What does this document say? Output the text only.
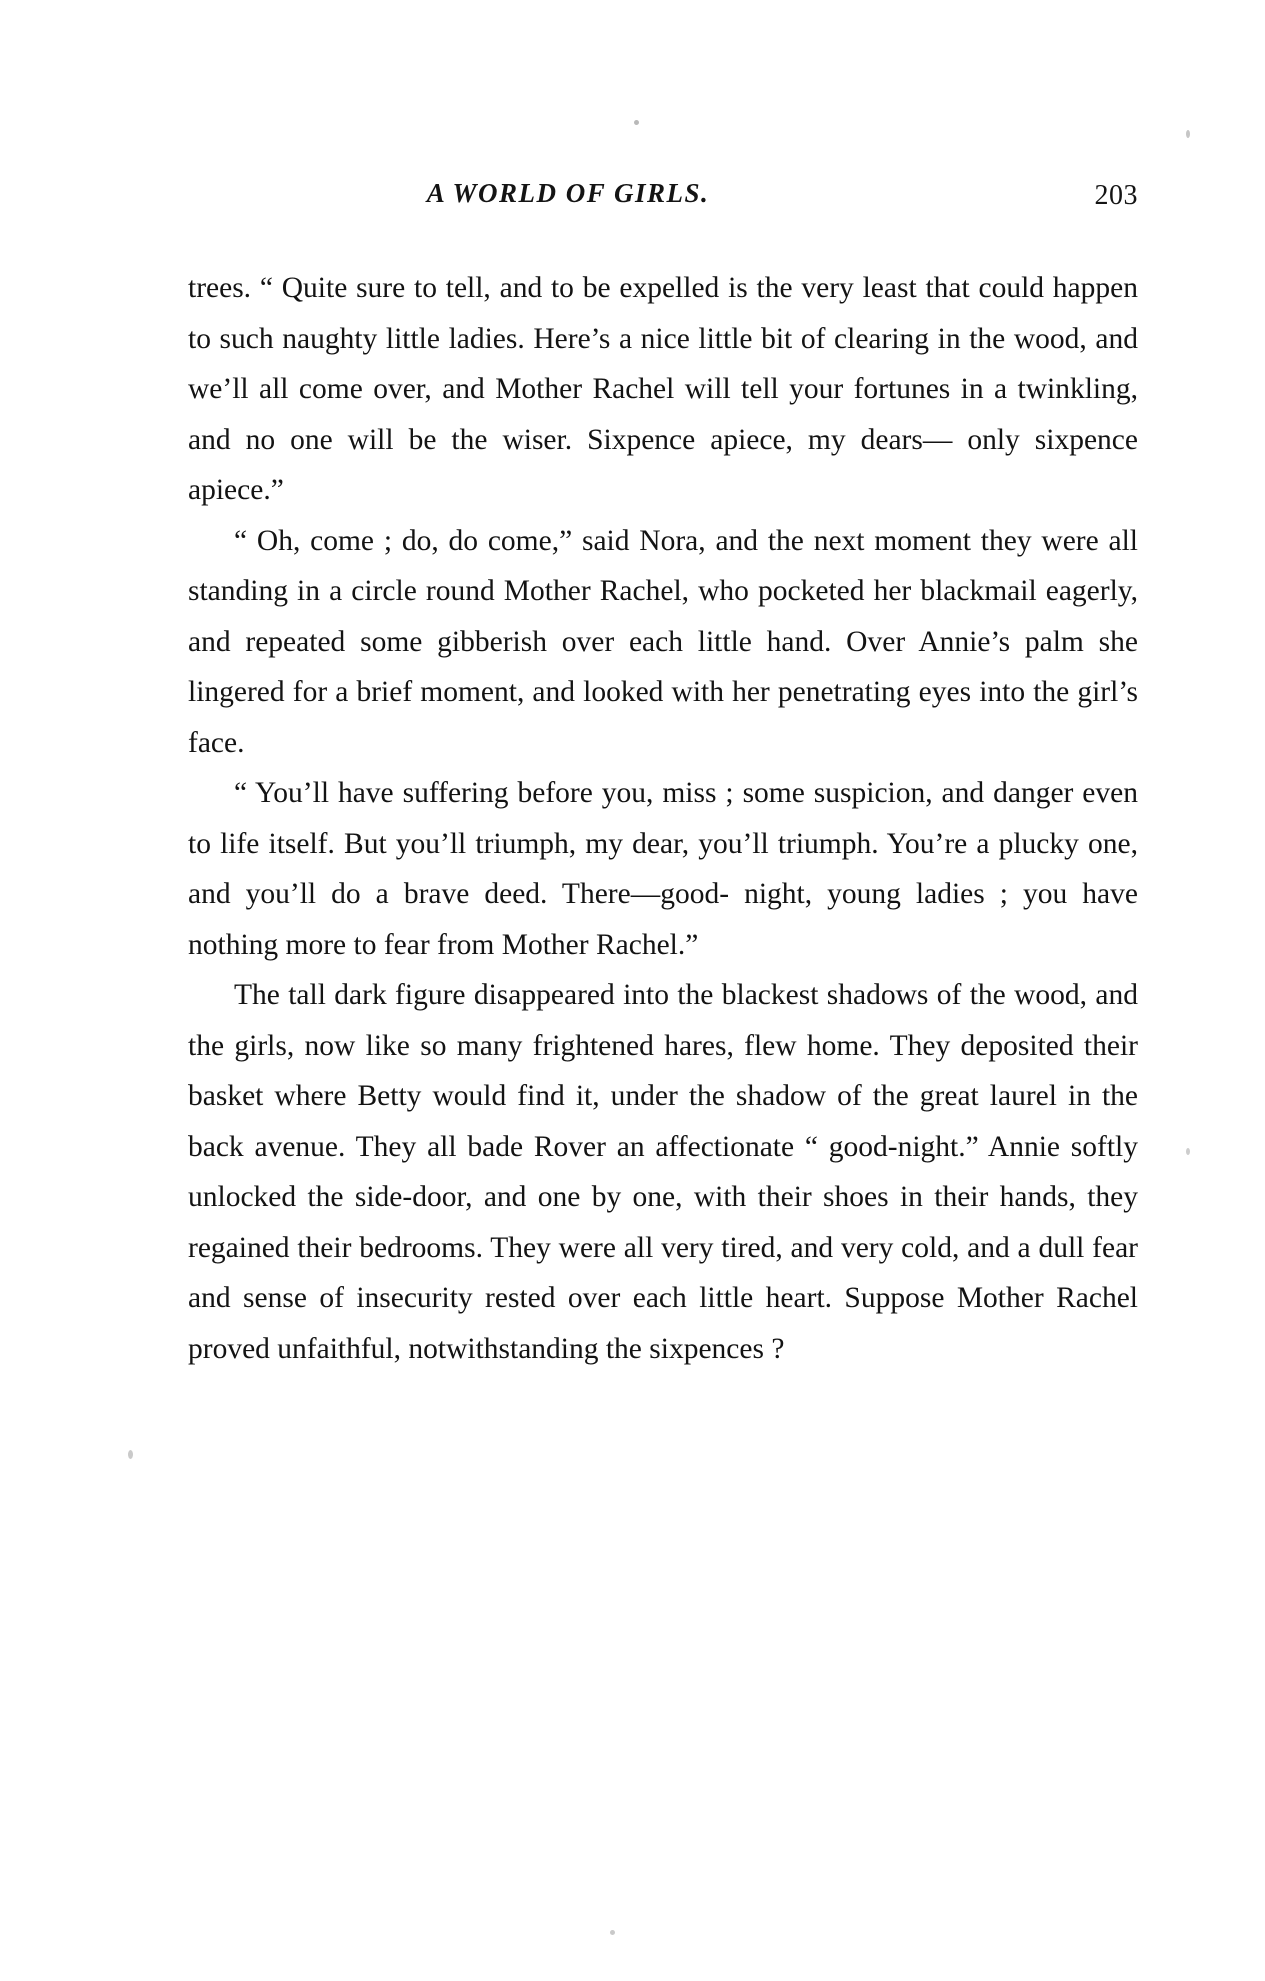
A WORLD OF GIRLS.	203

trees. “ Quite sure to tell, and to be expelled is the very least that could happen to such naughty little ladies. Here’s a nice little bit of clearing in the wood, and we’ll all come over, and Mother Rachel will tell your fortunes in a twinkling, and no one will be the wiser. Sixpence apiece, my dears— only sixpence apiece.”

“ Oh, come ; do, do come,” said Nora, and the next moment they were all standing in a circle round Mother Rachel, who pocketed her blackmail eagerly, and repeated some gibberish over each little hand. Over Annie’s palm she lingered for a brief moment, and looked with her penetrating eyes into the girl’s face.

“ You’ll have suffering before you, miss ; some suspicion, and danger even to life itself. But you’ll triumph, my dear, you’ll triumph. You’re a plucky one, and you’ll do a brave deed. There—good- night, young ladies ; you have nothing more to fear from Mother Rachel.”

The tall dark figure disappeared into the blackest shadows of the wood, and the girls, now like so many frightened hares, flew home. They deposited their basket where Betty would find it, under the shadow of the great laurel in the back avenue. They all bade Rover an affectionate “ good-night.” Annie softly unlocked the side-door, and one by one, with their shoes in their hands, they regained their bedrooms. They were all very tired, and very cold, and a dull fear and sense of insecurity rested over each little heart. Suppose Mother Rachel proved unfaithful, notwithstanding the sixpences ?
